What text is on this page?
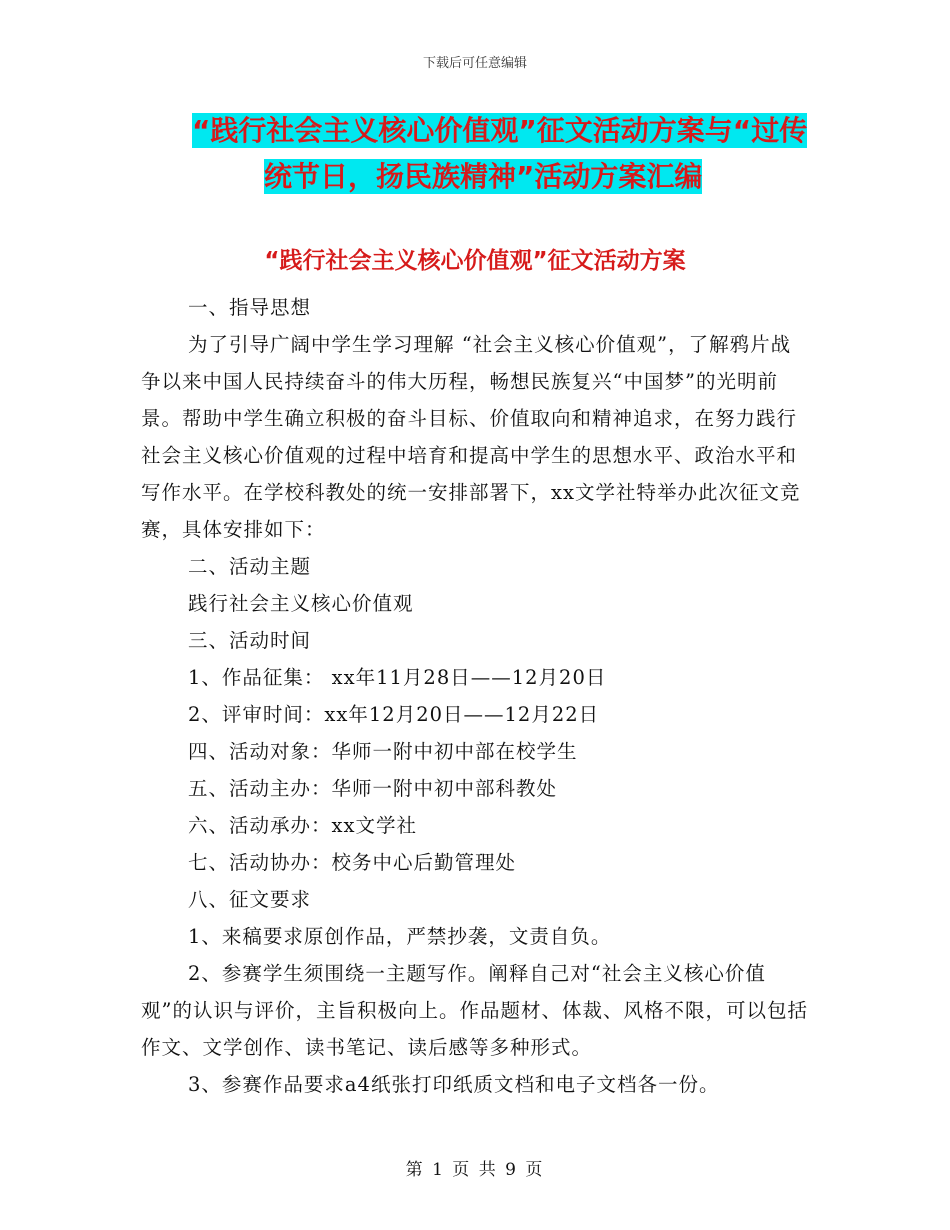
下载后可任意编辑
“践行社会主义核心价值观”征文活动方案与“过传
统节日，扬民族精神”活动方案汇编
“践行社会主义核心价值观”征文活动方案

一、指导思想

为了引导广阔中学生学习理解 “社会主义核心价值观”，了解鸦片战争以来中国人民持续奋斗的伟大历程，畅想民族复兴“中国梦”的光明前景。帮助中学生确立积极的奋斗目标、价值取向和精神追求，在努力践行社会主义核心价值观的过程中培育和提高中学生的思想水平、政治水平和写作水平。在学校科教处的统一安排部署下，xx文学社特举办此次征文竞赛，具体安排如下：

二、活动主题

践行社会主义核心价值观

三、活动时间

1、作品征集： xx年11月28日——12月20日

2、评审时间：xx年12月20日——12月22日

四、活动对象：华师一附中初中部在校学生

五、活动主办：华师一附中初中部科教处

六、活动承办：xx文学社

七、活动协办：校务中心后勤管理处

八、征文要求

1、来稿要求原创作品，严禁抄袭，文责自负。

2、参赛学生须围绕一主题写作。阐释自己对“社会主义核心价值观”的认识与评价，主旨积极向上。作品题材、体裁、风格不限，可以包括作文、文学创作、读书笔记、读后感等多种形式。

3、参赛作品要求a4纸张打印纸质文档和电子文档各一份。

第 1 页 共 9 页
